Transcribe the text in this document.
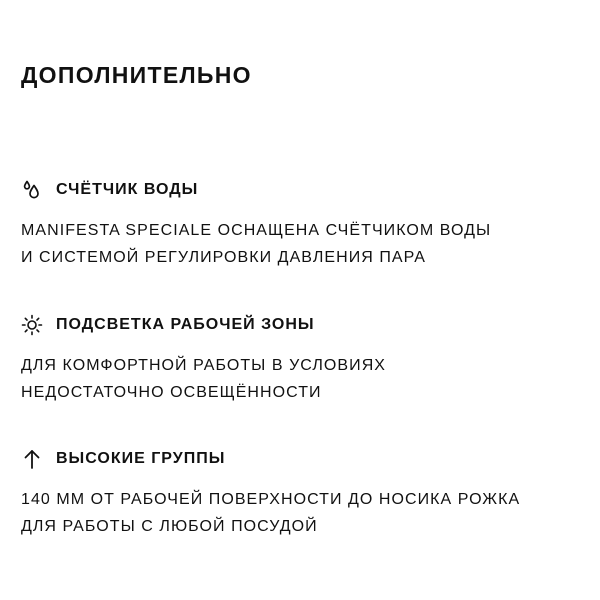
ДОПОЛНИТЕЛЬНО
СЧЁТЧИК ВОДЫ
MANIFESTA SPECIALE ОСНАЩЕНА СЧЁТЧИКОМ ВОДЫ
И СИСТЕМОЙ РЕГУЛИРОВКИ ДАВЛЕНИЯ ПАРА
ПОДСВЕТКА РАБОЧЕЙ ЗОНЫ
ДЛЯ КОМФОРТНОЙ РАБОТЫ В УСЛОВИЯХ
НЕДОСТАТОЧНО ОСВЕЩЁННОСТИ
ВЫСОКИЕ ГРУППЫ
140 ММ ОТ РАБОЧЕЙ ПОВЕРХНОСТИ ДО НОСИКА РОЖКА
ДЛЯ РАБОТЫ С ЛЮБОЙ ПОСУДОЙ
